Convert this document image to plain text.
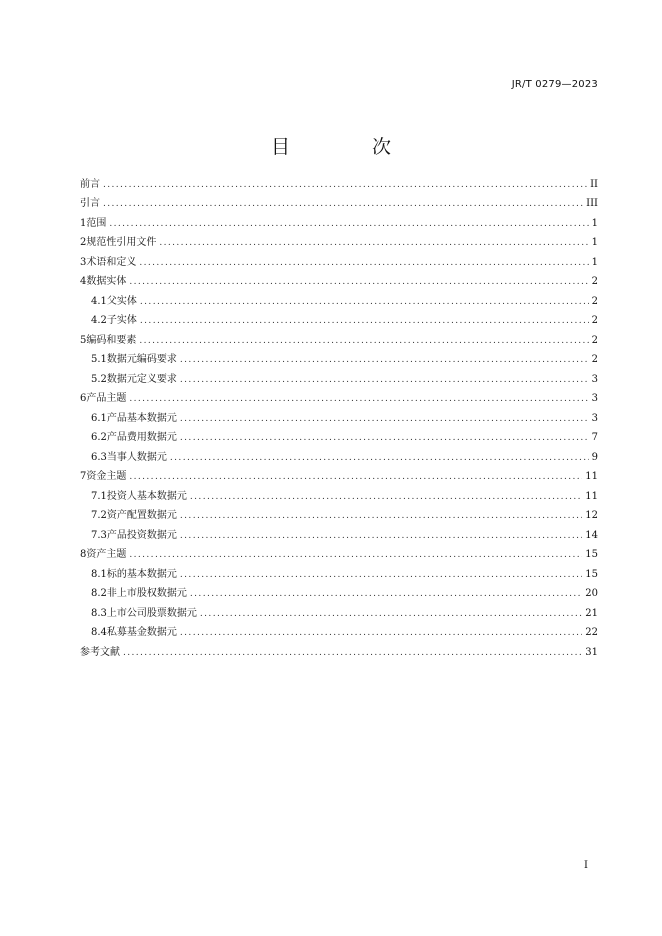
JR/T 0279—2023
目 次
前言 .....	II
引言 .....	III
1 范围 .....	1
2 规范性引用文件 .....	1
3 术语和定义 .....	1
4 数据实体 .....	2
4.1 父实体 .....	2
4.2 子实体 .....	2
5 编码和要素 .....	2
5.1 数据元编码要求 .....	2
5.2 数据元定义要求 .....	3
6 产品主题 .....	3
6.1 产品基本数据元 .....	3
6.2 产品费用数据元 .....	7
6.3 当事人数据元 .....	9
7 资金主题 .....	11
7.1 投资人基本数据元 .....	11
7.2 资产配置数据元 .....	12
7.3 产品投资数据元 .....	14
8 资产主题 .....	15
8.1 标的基本数据元 .....	15
8.2 非上市股权数据元 .....	20
8.3 上市公司股票数据元 .....	21
8.4 私募基金数据元 .....	22
参考文献 .....	31
I
